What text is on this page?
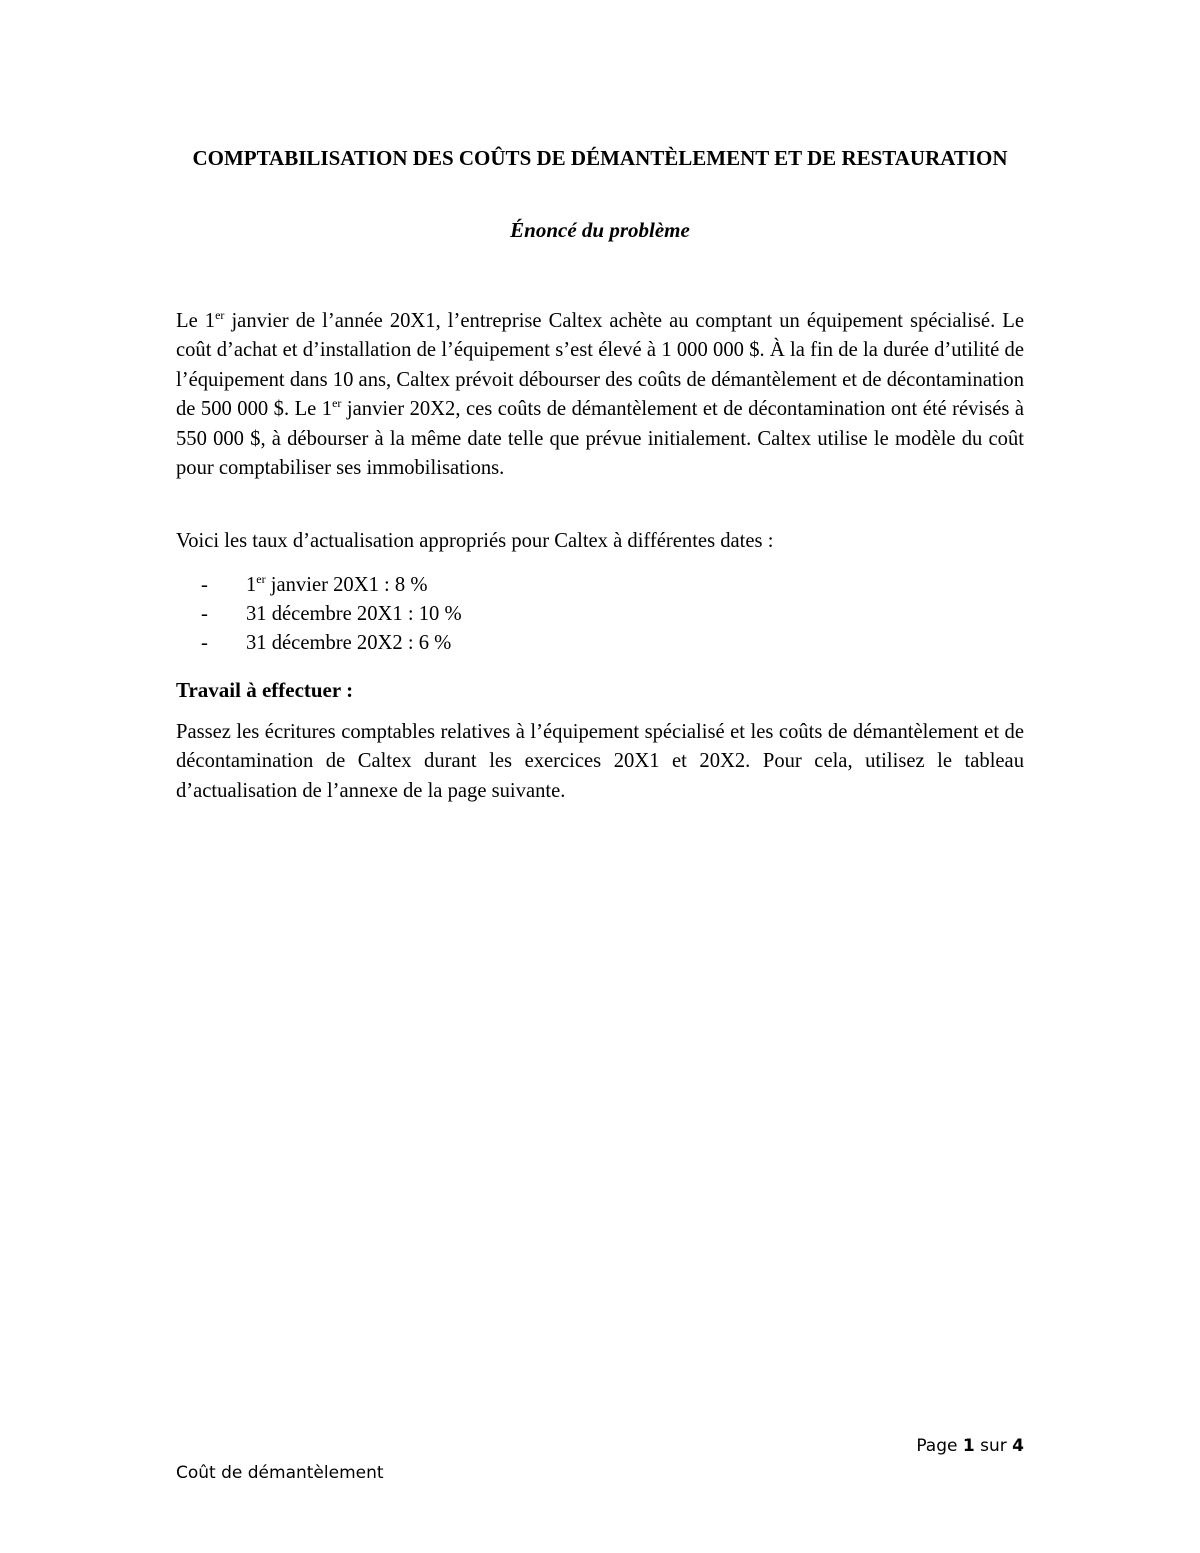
COMPTABILISATION DES COÛTS DE DÉMANTÈLEMENT ET DE RESTAURATION
Énoncé du problème

Le 1er janvier de l’année 20X1, l’entreprise Caltex achète au comptant un équipement spécialisé. Le coût d’achat et d’installation de l’équipement s’est élevé à 1 000 000 $. À la fin de la durée d’utilité de l’équipement dans 10 ans, Caltex prévoit débourser des coûts de démantèlement et de décontamination de 500 000 $. Le 1er janvier 20X2, ces coûts de démantèlement et de décontamination ont été révisés à 550 000 $, à débourser à la même date telle que prévue initialement. Caltex utilise le modèle du coût pour comptabiliser ses immobilisations.

Voici les taux d’actualisation appropriés pour Caltex à différentes dates :

- 1er janvier 20X1 : 8 %
- 31 décembre 20X1 : 10 %
- 31 décembre 20X2 : 6 %
Travail à effectuer :

Passez les écritures comptables relatives à l’équipement spécialisé et les coûts de démantèlement et de décontamination de Caltex durant les exercices 20X1 et 20X2. Pour cela, utilisez le tableau d’actualisation de l’annexe de la page suivante.

Page 1 sur 4
Coût de démantèlement
